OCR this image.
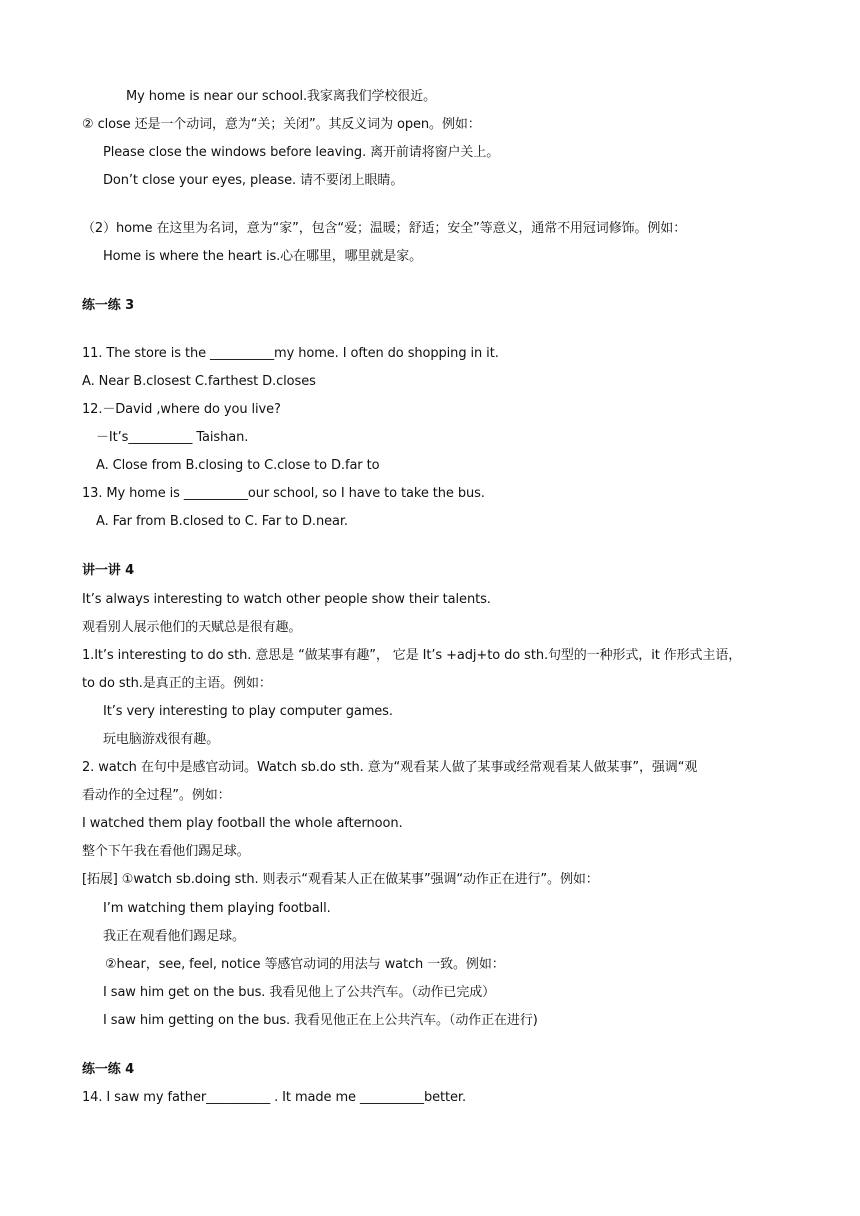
My home is near our school.我家离我们学校很近。
② close 还是一个动词，意为“关；关闭”。其反义词为 open。例如：
Please close the windows before leaving. 离开前请将窗户关上。
Don’t close your eyes, please. 请不要闭上眼睛。
（2）home 在这里为名词，意为“家”，包含“爱；温暖；舒适；安全”等意义，通常不用冠词修饰。例如：
Home is where the heart is.心在哪里，哪里就是家。
练一练 3
11. The store is the __________my home. I often do shopping in it.
A. Near B.closest C.farthest D.closes
12.－David ,where do you live?
－It’s__________ Taishan.
A. Close from B.closing to C.close to D.far to
13. My home is __________our school, so I have to take the bus.
A. Far from B.closed to C. Far to D.near.
讲一讲 4
It’s always interesting to watch other people show their talents.
观看别人展示他们的天赋总是很有趣。
1.It’s interesting to do sth. 意思是 “做某事有趣”， 它是 It’s +adj+to do sth.句型的一种形式，it 作形式主语，
to do sth.是真正的主语。例如：
It’s very interesting to play computer games.
玩电脑游戏很有趣。
2. watch 在句中是感官动词。Watch sb.do sth. 意为“观看某人做了某事或经常观看某人做某事”，强调“观
看动作的全过程”。例如：
I watched them play football the whole afternoon.
整个下午我在看他们踢足球。
[拓展] ①watch sb.doing sth. 则表示“观看某人正在做某事”强调“动作正在进行”。例如：
I’m watching them playing football.
我正在观看他们踢足球。
②hear，see, feel, notice 等感官动词的用法与 watch 一致。例如：
I saw him get on the bus. 我看见他上了公共汽车。（动作已完成）
I saw him getting on the bus. 我看见他正在上公共汽车。（动作正在进行)
练一练 4
14. I saw my father__________ . It made me __________better.
